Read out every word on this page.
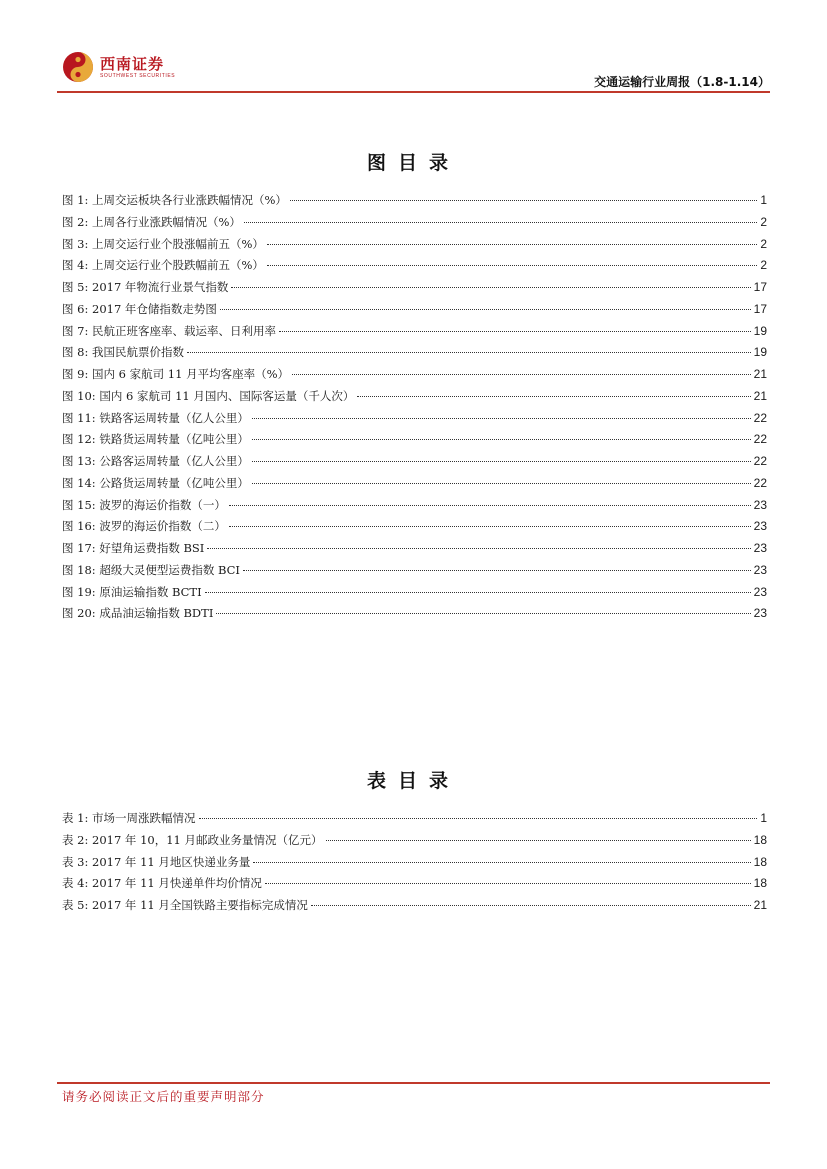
西南证券
SOUTHWEST SECURITIES	交通运输行业周报（1.8-1.14）
图目录
图 1: 上周交运板块各行业涨跌幅情况（%）	1
图 2: 上周各行业涨跌幅情况（%）	2
图 3: 上周交运行业个股涨幅前五（%）	2
图 4: 上周交运行业个股跌幅前五（%）	2
图 5: 2017 年物流行业景气指数	17
图 6: 2017 年仓储指数走势图	17
图 7: 民航正班客座率、载运率、日利用率	19
图 8: 我国民航票价指数	19
图 9: 国内 6 家航司 11 月平均客座率（%）	21
图 10: 国内 6 家航司 11 月国内、国际客运量（千人次）	21
图 11: 铁路客运周转量（亿人公里）	22
图 12: 铁路货运周转量（亿吨公里）	22
图 13: 公路客运周转量（亿人公里）	22
图 14: 公路货运周转量（亿吨公里）	22
图 15: 波罗的海运价指数（一）	23
图 16: 波罗的海运价指数（二）	23
图 17: 好望角运费指数 BSI	23
图 18: 超级大灵便型运费指数 BCI	23
图 19: 原油运输指数 BCTI	23
图 20: 成品油运输指数 BDTI	23
表目录
表 1: 市场一周涨跌幅情况	1
表 2: 2017 年 10，11 月邮政业务量情况（亿元）	18
表 3: 2017 年 11 月地区快递业务量	18
表 4: 2017 年 11 月快递单件均价情况	18
表 5: 2017 年 11 月全国铁路主要指标完成情况	21
请务必阅读正文后的重要声明部分
